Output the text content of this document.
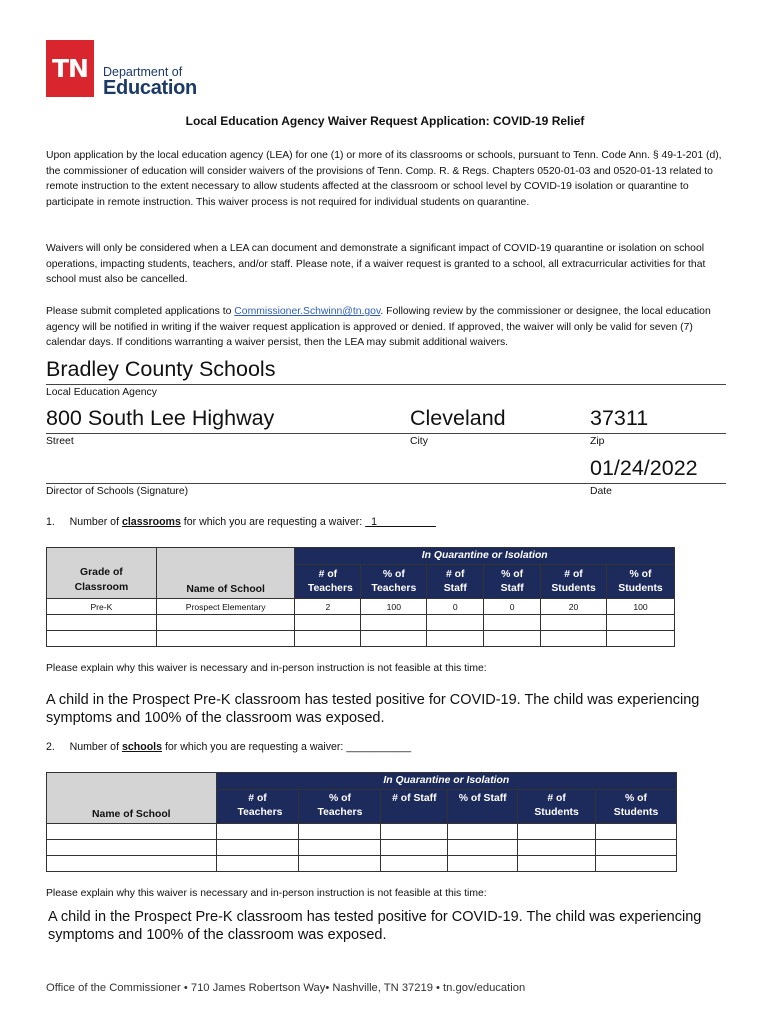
TN	Department of
Education
Local Education Agency Waiver Request Application: COVID-19 Relief
Upon application by the local education agency (LEA) for one (1) or more of its classrooms or schools, pursuant to Tenn. Code Ann. § 49-1-201 (d), the commissioner of education will consider waivers of the provisions of Tenn. Comp. R. & Regs. Chapters 0520-01-03 and 0520-01-13 related to remote instruction to the extent necessary to allow students affected at the classroom or school level by COVID-19 isolation or quarantine to participate in remote instruction. This waiver process is not required for individual students on quarantine.
Waivers will only be considered when a LEA can document and demonstrate a significant impact of COVID-19 quarantine or isolation on school operations, impacting students, teachers, and/or staff. Please note, if a waiver request is granted to a school, all extracurricular activities for that school must also be cancelled.
Please submit completed applications to Commissioner.Schwinn@tn.gov. Following review by the commissioner or designee, the local education agency will be notified in writing if the waiver request application is approved or denied. If approved, the waiver will only be valid for seven (7) calendar days. If conditions warranting a waiver persist, then the LEA may submit additional waivers.
Bradley County Schools
Local Education Agency
800 South Lee Highway	Cleveland	37311
Street	City	Zip
01/24/2022
Director of Schools (Signature)	Date
1. Number of classrooms for which you are requesting a waiver:   1
Grade of Classroom	Name of School	In Quarantine or Isolation					

		# of Teachers	% of Teachers	# of Staff	% of Staff	# of Students	% of Students

Pre-K	Prospect Elementary	2	100	0	0	20	100

Please explain why this waiver is necessary and in-person instruction is not feasible at this time:
A child in the Prospect Pre-K classroom has tested positive for COVID-19. The child was experiencing symptoms and 100% of the classroom was exposed.
2. Number of schools for which you are requesting a waiver: ___________
Name of School	In Quarantine or Isolation					

	# of Teachers	% of Teachers	# of Staff	% of Staff	# of Students	% of Students

Please explain why this waiver is necessary and in-person instruction is not feasible at this time:
A child in the Prospect Pre-K classroom has tested positive for COVID-19. The child was experiencing symptoms and 100% of the classroom was exposed.
Office of the Commissioner • 710 James Robertson Way• Nashville, TN 37219 • tn.gov/education
